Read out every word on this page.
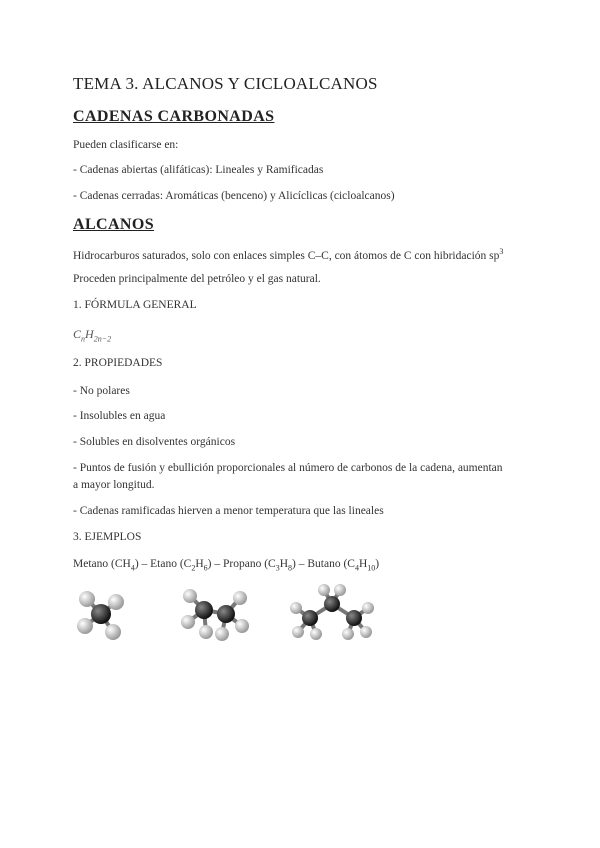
TEMA 3. ALCANOS Y CICLOALCANOS
CADENAS CARBONADAS
Pueden clasificarse en:
- Cadenas abiertas (alifáticas): Lineales y Ramificadas
- Cadenas cerradas: Aromáticas (benceno) y Alicíclicas (cicloalcanos)
ALCANOS
Hidrocarburos saturados, solo con enlaces simples C–C, con átomos de C con hibridación $sp^3$
Proceden principalmente del petróleo y el gas natural.
1. FÓRMULA GENERAL
$C_nH_{2n-2}$
2. PROPIEDADES
- No polares
- Insolubles en agua
- Solubles en disolventes orgánicos
- Puntos de fusión y ebullición proporcionales al número de carbonos de la cadena, aumentan
a mayor longitud.
- Cadenas ramificadas hierven a menor temperatura que las lineales
3. EJEMPLOS
Metano $(CH_4)$ – Etano $(C_2H_6)$ – Propano $(C_3H_8)$ – Butano $(C_4H_{10})$
